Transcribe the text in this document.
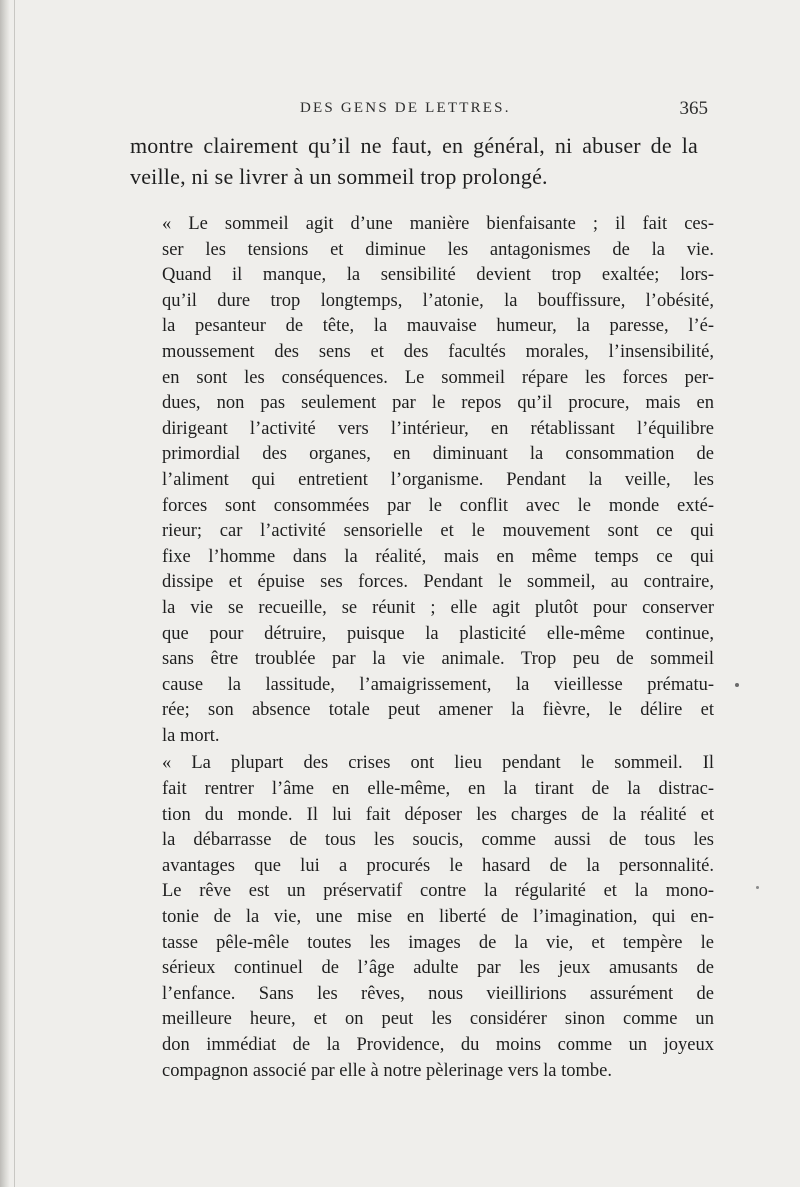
DES GENS DE LETTRES.	365

montre clairement qu’il ne faut, en général, ni abuser de la veille, ni se livrer à un sommeil trop prolongé.

« Le sommeil agit d’une manière bienfaisante ; il fait ces-
ser les tensions et diminue les antagonismes de la vie.
Quand il manque, la sensibilité devient trop exaltée; lors-
qu’il dure trop longtemps, l’atonie, la bouffissure, l’obésité,
la pesanteur de tête, la mauvaise humeur, la paresse, l’é-
moussement des sens et des facultés morales, l’insensibilité,
en sont les conséquences. Le sommeil répare les forces per-
dues, non pas seulement par le repos qu’il procure, mais en
dirigeant l’activité vers l’intérieur, en rétablissant l’équilibre
primordial des organes, en diminuant la consommation de
l’aliment qui entretient l’organisme. Pendant la veille, les
forces sont consommées par le conflit avec le monde exté-
rieur; car l’activité sensorielle et le mouvement sont ce qui
fixe l’homme dans la réalité, mais en même temps ce qui
dissipe et épuise ses forces. Pendant le sommeil, au contraire,
la vie se recueille, se réunit ; elle agit plutôt pour conserver
que pour détruire, puisque la plasticité elle-même continue,
sans être troublée par la vie animale. Trop peu de sommeil
cause la lassitude, l’amaigrissement, la vieillesse prématu-
rée; son absence totale peut amener la fièvre, le délire et
la mort.

« La plupart des crises ont lieu pendant le sommeil. Il
fait rentrer l’âme en elle-même, en la tirant de la distrac-
tion du monde. Il lui fait déposer les charges de la réalité et
la débarrasse de tous les soucis, comme aussi de tous les
avantages que lui a procurés le hasard de la personnalité.
Le rêve est un préservatif contre la régularité et la mono-
tonie de la vie, une mise en liberté de l’imagination, qui en-
tasse pêle-mêle toutes les images de la vie, et tempère le
sérieux continuel de l’âge adulte par les jeux amusants de
l’enfance. Sans les rêves, nous vieillirions assurément de
meilleure heure, et on peut les considérer sinon comme un
don immédiat de la Providence, du moins comme un joyeux
compagnon associé par elle à notre pèlerinage vers la tombe.
